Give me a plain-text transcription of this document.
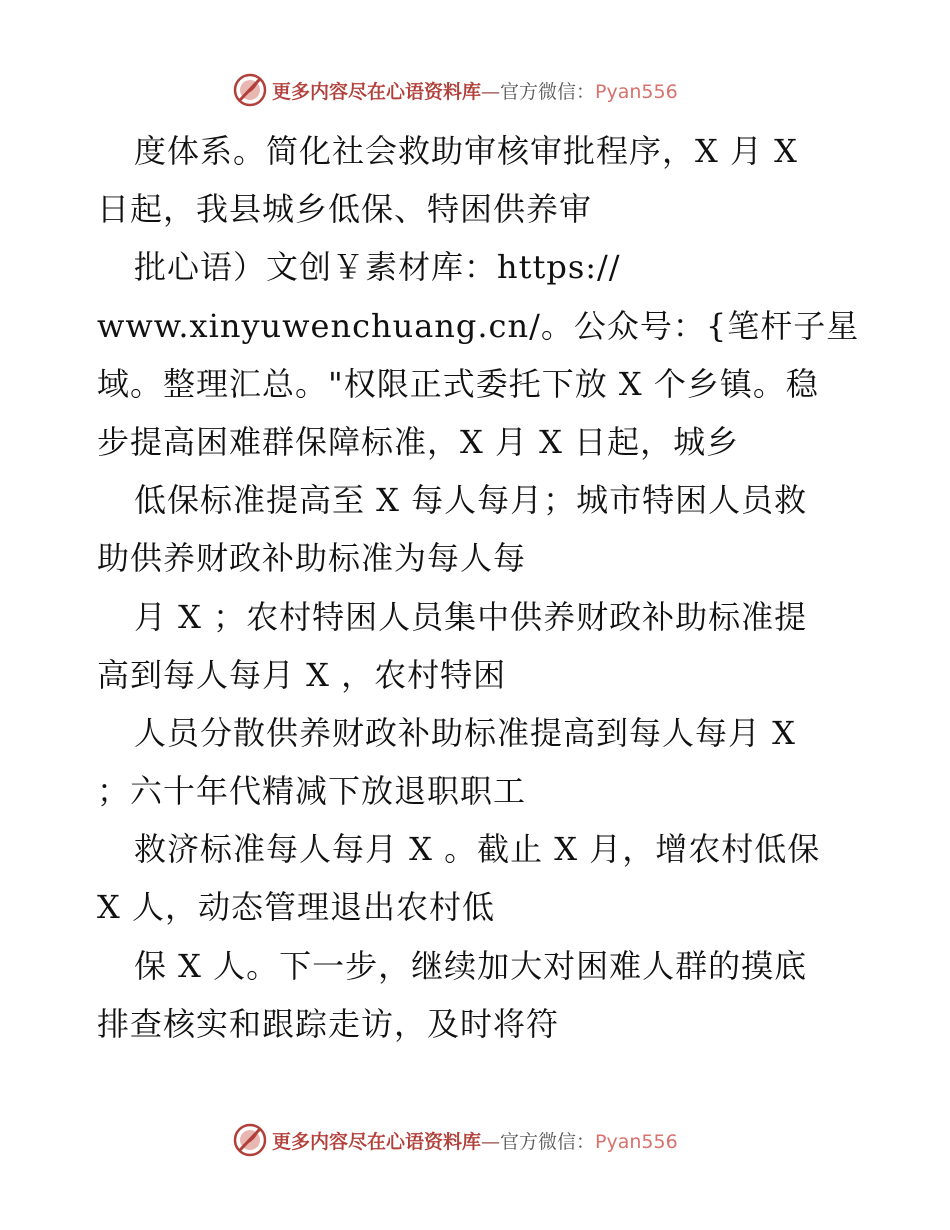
更多内容尽在心语资料库—官方微信：Pyan556
度体系。简化社会救助审核审批程序，X 月 X
日起，我县城乡低保、特困供养审
批心语）文创￥素材库：https://
www.xinyuwenchuang.cn/。公众号：{笔杆子星
域。整理汇总。"权限正式委托下放 X 个乡镇。稳
步提高困难群保障标准，X 月 X 日起，城乡
低保标准提高至 X 每人每月；城市特困人员救
助供养财政补助标准为每人每
月 X ；农村特困人员集中供养财政补助标准提
高到每人每月 X ，农村特困
人员分散供养财政补助标准提高到每人每月 X
；六十年代精减下放退职职工
救济标准每人每月 X 。截止 X 月，增农村低保
X 人，动态管理退出农村低
保 X 人。下一步，继续加大对困难人群的摸底
排查核实和跟踪走访，及时将符
更多内容尽在心语资料库—官方微信：Pyan556
